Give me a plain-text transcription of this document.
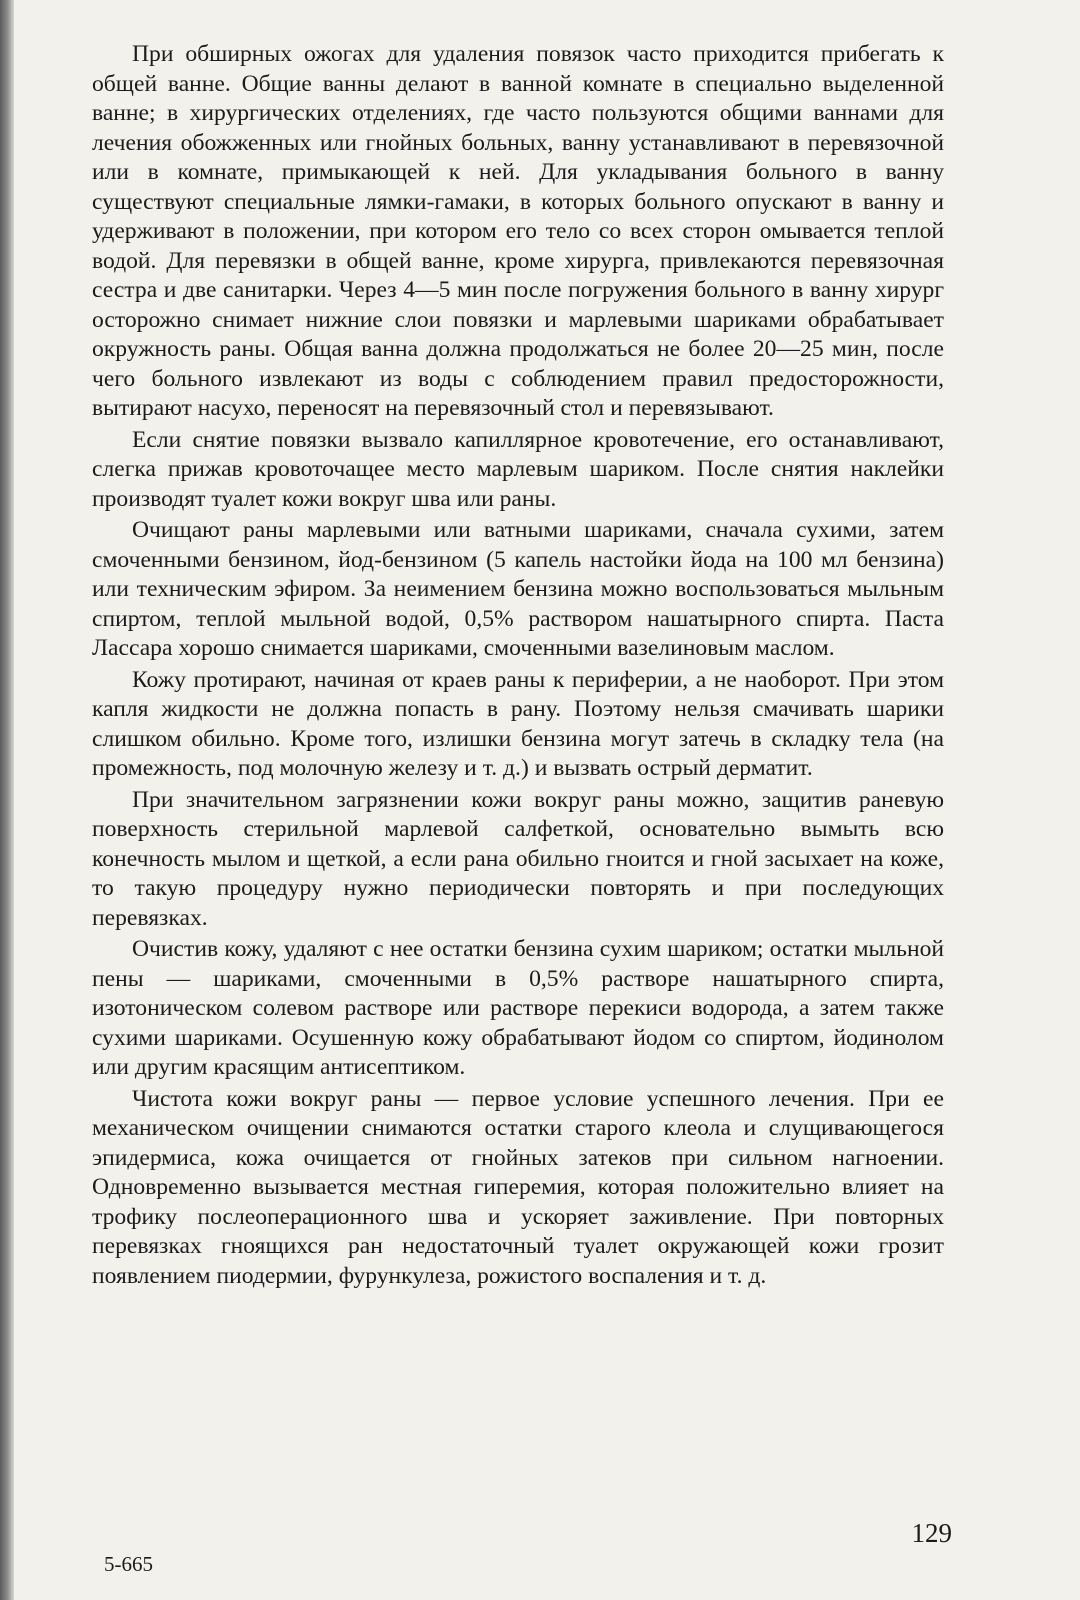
При обширных ожогах для удаления повязок часто приходится прибегать к общей ванне. Общие ванны делают в ванной комнате в специально выделенной ванне; в хирургических отделениях, где часто пользуются общими ваннами для лечения обожженных или гнойных больных, ванну устанавливают в перевязочной или в комнате, примыкающей к ней. Для укладывания больного в ванну существуют специальные лямки-гамаки, в которых больного опускают в ванну и удерживают в положении, при котором его тело со всех сторон омывается теплой водой. Для перевязки в общей ванне, кроме хирурга, привлекаются перевязочная сестра и две санитарки. Через 4—5 мин после погружения больного в ванну хирург осторожно снимает нижние слои повязки и марлевыми шариками обрабатывает окружность раны. Общая ванна должна продолжаться не более 20—25 мин, после чего больного извлекают из воды с соблюдением правил предосторожности, вытирают насухо, переносят на перевязочный стол и перевязывают.

Если снятие повязки вызвало капиллярное кровотечение, его останавливают, слегка прижав кровоточащее место марлевым шариком. После снятия наклейки производят туалет кожи вокруг шва или раны.

Очищают раны марлевыми или ватными шариками, сначала сухими, затем смоченными бензином, йод-бензином (5 капель настойки йода на 100 мл бензина) или техническим эфиром. За неимением бензина можно воспользоваться мыльным спиртом, теплой мыльной водой, 0,5% раствором нашатырного спирта. Паста Лассара хорошо снимается шариками, смоченными вазелиновым маслом.

Кожу протирают, начиная от краев раны к периферии, а не наоборот. При этом капля жидкости не должна попасть в рану. Поэтому нельзя смачивать шарики слишком обильно. Кроме того, излишки бензина могут затечь в складку тела (на промежность, под молочную железу и т. д.) и вызвать острый дерматит.

При значительном загрязнении кожи вокруг раны можно, защитив раневую поверхность стерильной марлевой салфеткой, основательно вымыть всю конечность мылом и щеткой, а если рана обильно гноится и гной засыхает на коже, то такую процедуру нужно периодически повторять и при последующих перевязках.

Очистив кожу, удаляют с нее остатки бензина сухим шариком; остатки мыльной пены — шариками, смоченными в 0,5% растворе нашатырного спирта, изотоническом солевом растворе или растворе перекиси водорода, а затем также сухими шариками. Осушенную кожу обрабатывают йодом со спиртом, йодинолом или другим красящим антисептиком.

Чистота кожи вокруг раны — первое условие успешного лечения. При ее механическом очищении снимаются остатки старого клеола и слущивающегося эпидермиса, кожа очищается от гнойных затеков при сильном нагноении. Одновременно вызывается местная гиперемия, которая положительно влияет на трофику послеоперационного шва и ускоряет заживление. При повторных перевязках гноящихся ран недостаточный туалет окружающей кожи грозит появлением пиодермии, фурункулеза, рожистого воспаления и т. д.

129
5-665
